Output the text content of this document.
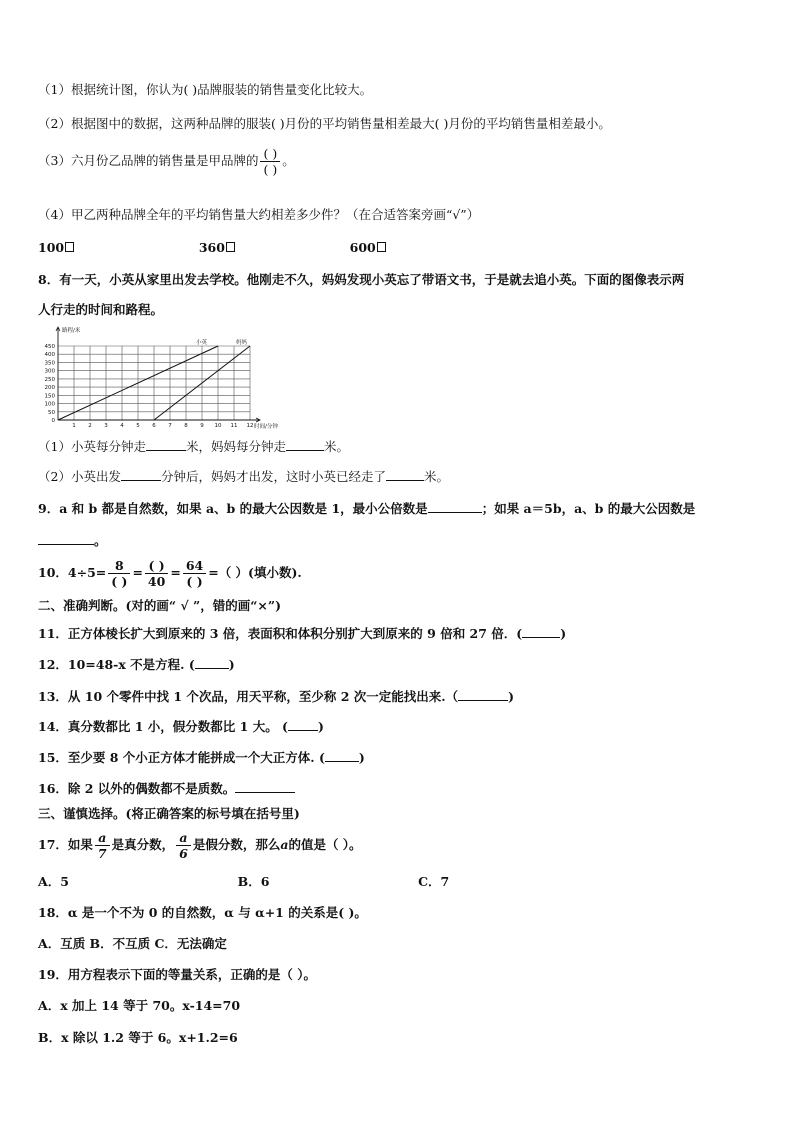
（1）根据统计图，你认为( )品牌服装的销售量变化比较大。
（2）根据图中的数据，这两种品牌的服装( )月份的平均销售量相差最大( )月份的平均销售量相差最小。
（3）六月份乙品牌的销售量是甲品牌的 $\frac{( )}{( )}$ 。
（4）甲乙两种品牌全年的平均销售量大约相差多少件？（在合适答案旁画“√”）
100	360	600
8．有一天，小英从家里出发去学校。他刚走不久，妈妈发现小英忘了带语文书，于是就去追小英。下面的图像表示两
人行走的时间和路程。
0
50
100
150
200
250
300
350
400
450
1 2 3 4 5 6 7 8 9 10 11 12
路程/米
时间/分钟
小英	妈妈
（1）小英每分钟走	米，妈妈每分钟走	米。
（2）小英出发	分钟后，妈妈才出发，这时小英已经走了	米。
9．a 和 b 都是自然数，如果 a、b 的最大公因数是 1，最小公倍数是	；如果 a＝5b，a、b 的最大公因数是
。
10．$4\div 5= \frac{8}{( )} = \frac{( )}{40} = \frac{64}{( )}$ =（ ）(填小数).
二、准确判断。(对的画“ √ ”，错的画“×”)
11．正方体棱长扩大到原来的 3 倍，表面积和体积分别扩大到原来的 9 倍和 27 倍．(	)
12．10=48-x 不是方程. (	)
13．从 10 个零件中找 1 个次品，用天平称，至少称 2 次一定能找出来.（	)
14．真分数都比 1 小，假分数都比 1 大。 ( )
15．至少要 8 个小正方体才能拼成一个大正方体. (	)
16．除 2 以外的偶数都不是质数。
三、谨慎选择。(将正确答案的标号填在括号里)
17．如果 $\frac{a}{7}$ 是真分数， $\frac{a}{6}$ 是假分数，那么a的值是（ ）。
A．5	B．6	C．7
18．α 是一个不为 0 的自然数，α 与 α+1 的关系是( )。
A．互质 B．不互质 C．无法确定
19．用方程表示下面的等量关系，正确的是（ ）。
A．x 加上 14 等于 70。x-14=70
B．x 除以 1.2 等于 6。x+1.2=6
